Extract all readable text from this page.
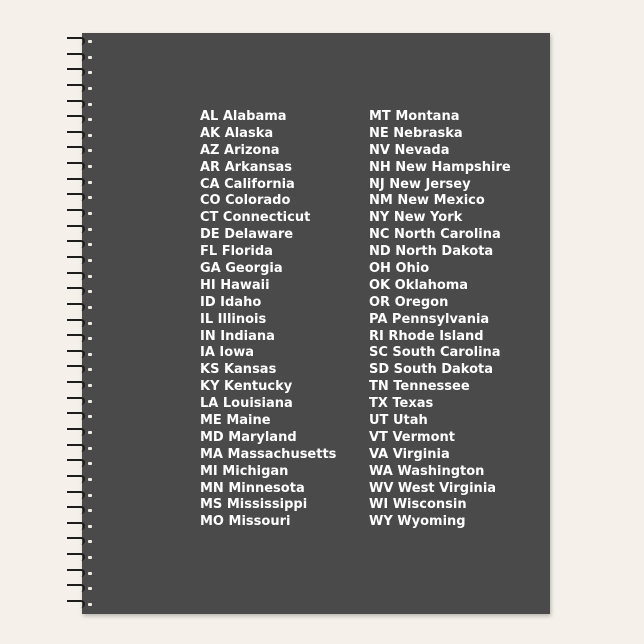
AL Alabama
AK Alaska
AZ Arizona
AR Arkansas
CA California
CO Colorado
CT Connecticut
DE Delaware
FL Florida
GA Georgia
HI Hawaii
ID Idaho
IL Illinois
IN Indiana
IA Iowa
KS Kansas
KY Kentucky
LA Louisiana
ME Maine
MD Maryland
MA Massachusetts
MI Michigan
MN Minnesota
MS Mississippi
MO Missouri
MT Montana
NE Nebraska
NV Nevada
NH New Hampshire
NJ New Jersey
NM New Mexico
NY New York
NC North Carolina
ND North Dakota
OH Ohio
OK Oklahoma
OR Oregon
PA Pennsylvania
RI Rhode Island
SC South Carolina
SD South Dakota
TN Tennessee
TX Texas
UT Utah
VT Vermont
VA Virginia
WA Washington
WV West Virginia
WI Wisconsin
WY Wyoming
